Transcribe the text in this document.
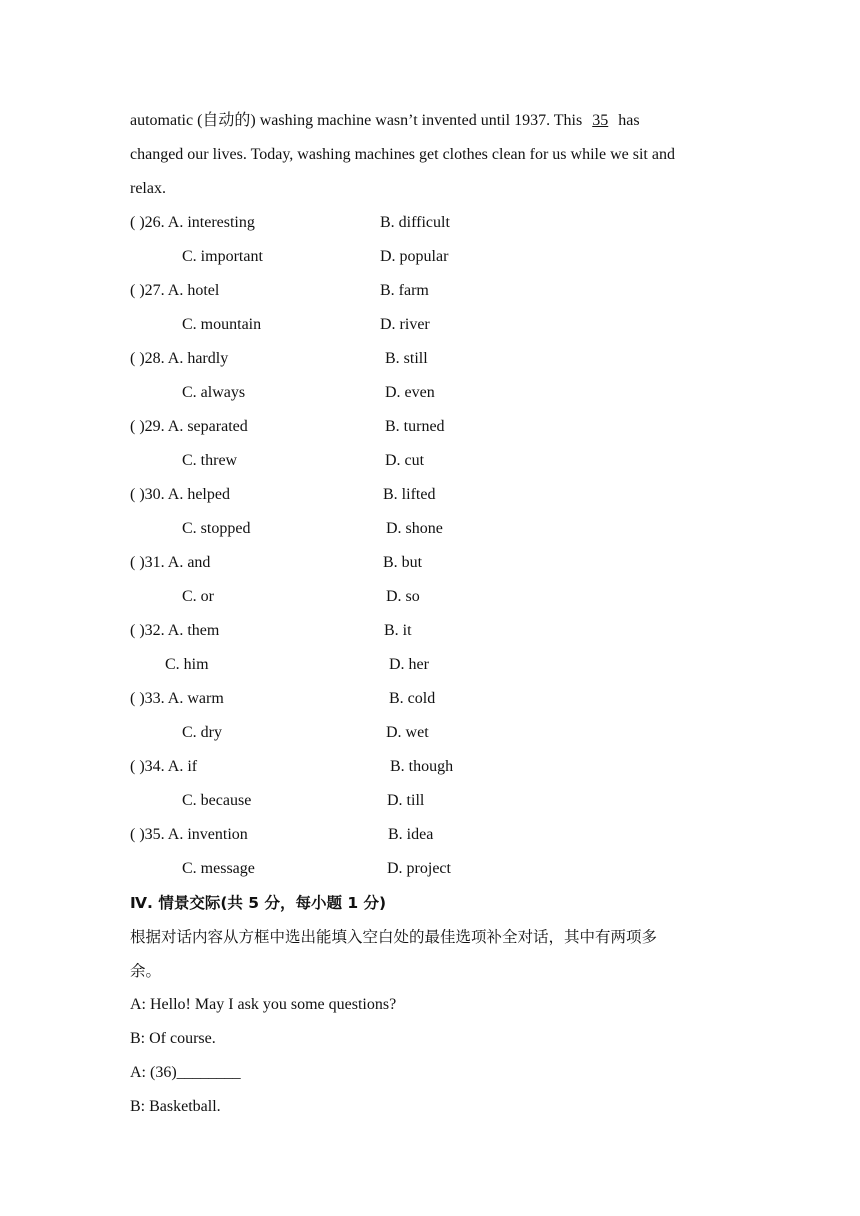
automatic (自动的) washing machine wasn’t invented until 1937. This 35 has
changed our lives. Today, washing machines get clothes clean for us while we sit and
relax.
( )26. A. interesting	B. difficult
C. important	D. popular
( )27. A. hotel	B. farm
C. mountain	D. river
( )28. A. hardly	B. still
C. always	D. even
( )29. A. separated	B. turned
C. threw	D. cut
( )30. A. helped	B. lifted
C. stopped	D. shone
( )31. A. and	B. but
C. or	D. so
( )32. A. them	B. it
C. him	D. her
( )33. A. warm	B. cold
C. dry	D. wet
( )34. A. if	B. though
C. because	D. till
( )35. A. invention	B. idea
C. message	D. project
Ⅳ. 情景交际(共 5 分，每小题 1 分)
根据对话内容从方框中选出能填入空白处的最佳选项补全对话，其中有两项多
余。
A: Hello! May I ask you some questions?
B: Of course.
A: (36)________
B: Basketball.
